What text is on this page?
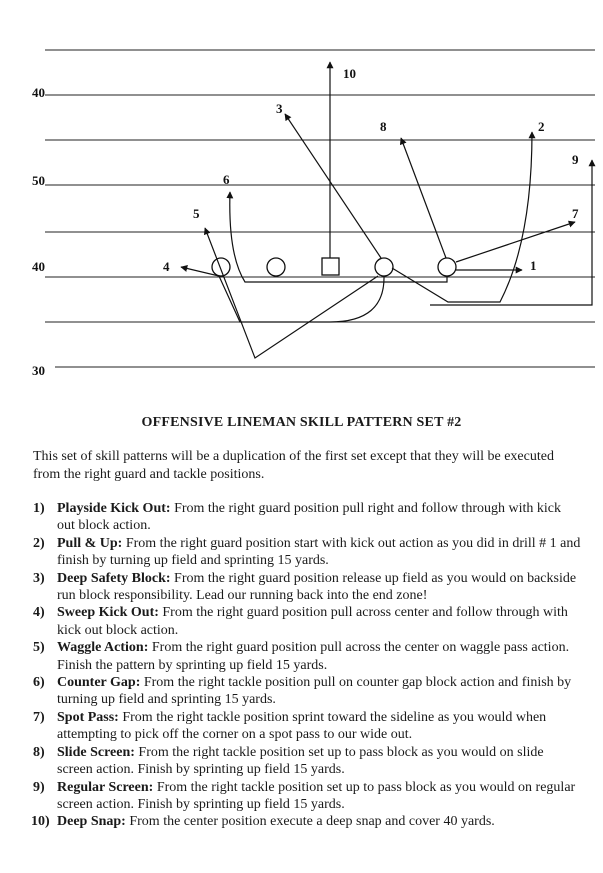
40
50
40
30
1
2
3
4
5
6
7
8
9
10
OFFENSIVE LINEMAN SKILL PATTERN SET #2
This set of skill patterns will be a duplication of the first set except that they will be executed from the right guard and tackle positions.
1) Playside Kick Out: From the right guard position pull right and follow through with kick out block action.
2) Pull & Up: From the right guard position start with kick out action as you did in drill # 1 and finish by turning up field and sprinting 15 yards.
3) Deep Safety Block: From the right guard position release up field as you would on backside run block responsibility. Lead our running back into the end zone!
4) Sweep Kick Out: From the right guard position pull across center and follow through with kick out block action.
5) Waggle Action: From the right guard position pull across the center on waggle pass action. Finish the pattern by sprinting up field 15 yards.
6) Counter Gap: From the right tackle position pull on counter gap block action and finish by turning up field and sprinting 15 yards.
7) Spot Pass: From the right tackle position sprint toward the sideline as you would when attempting to pick off the corner on a spot pass to our wide out.
8) Slide Screen: From the right tackle position set up to pass block as you would on slide screen action. Finish by sprinting up field 15 yards.
9) Regular Screen: From the right tackle position set up to pass block as you would on regular screen action. Finish by sprinting up field 15 yards.
10) Deep Snap: From the center position execute a deep snap and cover 40 yards.
